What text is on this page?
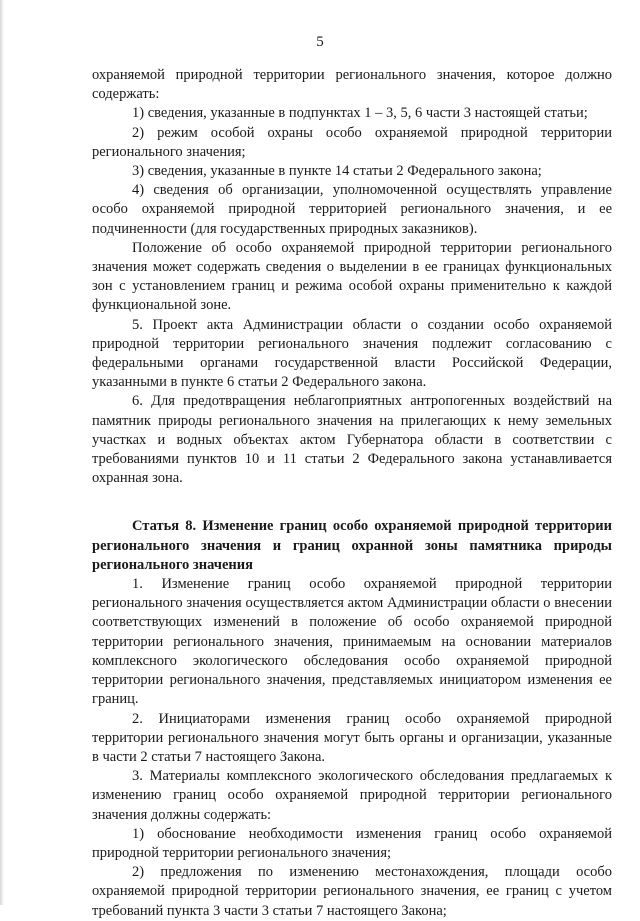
5

охраняемой природной территории регионального значения, которое должно содержать:

1) сведения, указанные в подпунктах 1 – 3, 5, 6 части 3 настоящей статьи;

2) режим особой охраны особо охраняемой природной территории регионального значения;

3) сведения, указанные в пункте 14 статьи 2 Федерального закона;

4) сведения об организации, уполномоченной осуществлять управление особо охраняемой природной территорией регионального значения, и ее подчиненности (для государственных природных заказников).

Положение об особо охраняемой природной территории регионального значения может содержать сведения о выделении в ее границах функциональных зон с установлением границ и режима особой охраны применительно к каждой функциональной зоне.

5. Проект акта Администрации области о создании особо охраняемой природной территории регионального значения подлежит согласованию с федеральными органами государственной власти Российской Федерации, указанными в пункте 6 статьи 2 Федерального закона.

6. Для предотвращения неблагоприятных антропогенных воздействий на памятник природы регионального значения на прилегающих к нему земельных участках и водных объектах актом Губернатора области в соответствии с требованиями пунктов 10 и 11 статьи 2 Федерального закона устанавливается охранная зона.

Статья 8. Изменение границ особо охраняемой природной территории регионального значения и границ охранной зоны памятника природы регионального значения

1. Изменение границ особо охраняемой природной территории регионального значения осуществляется актом Администрации области о внесении соответствующих изменений в положение об особо охраняемой природной территории регионального значения, принимаемым на основании материалов комплексного экологического обследования особо охраняемой природной территории регионального значения, представляемых инициатором изменения ее границ.

2. Инициаторами изменения границ особо охраняемой природной территории регионального значения могут быть органы и организации, указанные в части 2 статьи 7 настоящего Закона.

3. Материалы комплексного экологического обследования предлагаемых к изменению границ особо охраняемой природной территории регионального значения должны содержать:

1) обоснование необходимости изменения границ особо охраняемой природной территории регионального значения;

2) предложения по изменению местонахождения, площади особо охраняемой природной территории регионального значения, ее границ с учетом требований пункта 3 части 3 статьи 7 настоящего Закона;
